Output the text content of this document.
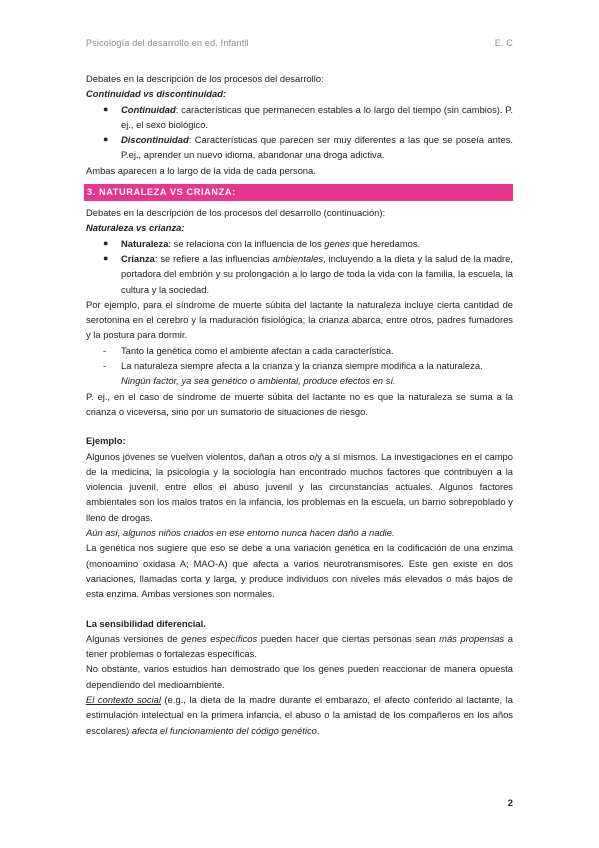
Psicología del desarrollo en ed. Infantil	E. C

Debates en la descripción de los procesos del desarrollo:

Continuidad vs discontinuidad:

● Continuidad: características que permanecen estables a lo largo del tiempo (sin cambios). P. ej., el sexo biológico.
● Discontinuidad: Características que parecen ser muy diferentes a las que se poseía antes. P.ej., aprender un nuevo idioma, abandonar una droga adictiva.

Ambas aparecen a lo largo de la vida de cada persona.

3. NATURALEZA VS CRIANZA:

Debates en la descripción de los procesos del desarrollo (continuación):

Naturaleza vs crianza:

● Naturaleza: se relaciona con la influencia de los genes que heredamos.
● Crianza: se refiere a las influencias ambientales, incluyendo a la dieta y la salud de la madre, portadora del embrión y su prolongación a lo largo de toda la vida con la familia, la escuela, la cultura y la sociedad.

Por ejemplo, para el síndrome de muerte súbita del lactante la naturaleza incluye cierta cantidad de serotonina en el cerebro y la maduración fisiológica; la crianza abarca, entre otros, padres fumadores y la postura para dormir.

- Tanto la genética como el ambiente afectan a cada característica.
- La naturaleza siempre afecta a la crianza y la crianza siempre modifica a la naturaleza.
Ningún factor, ya sea genético o ambiental, produce efectos en sí.

P. ej., en el caso de síndrome de muerte súbita del lactante no es que la naturaleza se suma a la crianza o viceversa, sino por un sumatorio de situaciones de riesgo.

Ejemplo:

Algunos jóvenes se vuelven violentos, dañan a otros o/y a sí mismos. La investigaciones en el campo de la medicina, la psicología y la sociología han encontrado muchos factores que contribuyen a la violencia juvenil, entre ellos el abuso juvenil y las circunstancias actuales. Algunos factores ambientales son los malos tratos en la infancia, los problemas en la escuela, un barrio sobrepoblado y lleno de drogas.

Aún así, algunos niños criados en ese entorno nunca hacen daño a nadie.

La genética nos sugiere que eso se debe a una variación genética en la codificación de una enzima (monoamino oxidasa A; MAO-A) que afecta a varios neurotransmisores. Este gen existe en dos variaciones, llamadas corta y larga, y produce individuos con niveles más elevados o más bajos de esta enzima. Ambas versiones son normales.

La sensibilidad diferencial.

Algunas versiones de genes específicos pueden hacer que ciertas personas sean más propensas a tener problemas o fortalezas específicas.

No obstante, varios estudios han demostrado que los genes pueden reaccionar de manera opuesta dependiendo del medioambiente.

El contexto social (e.g., la dieta de la madre durante el embarazo, el afecto conferido al lactante, la estimulación intelectual en la primera infancia, el abuso o la amistad de los compañeros en los años escolares) afecta el funcionamiento del código genético.

2
